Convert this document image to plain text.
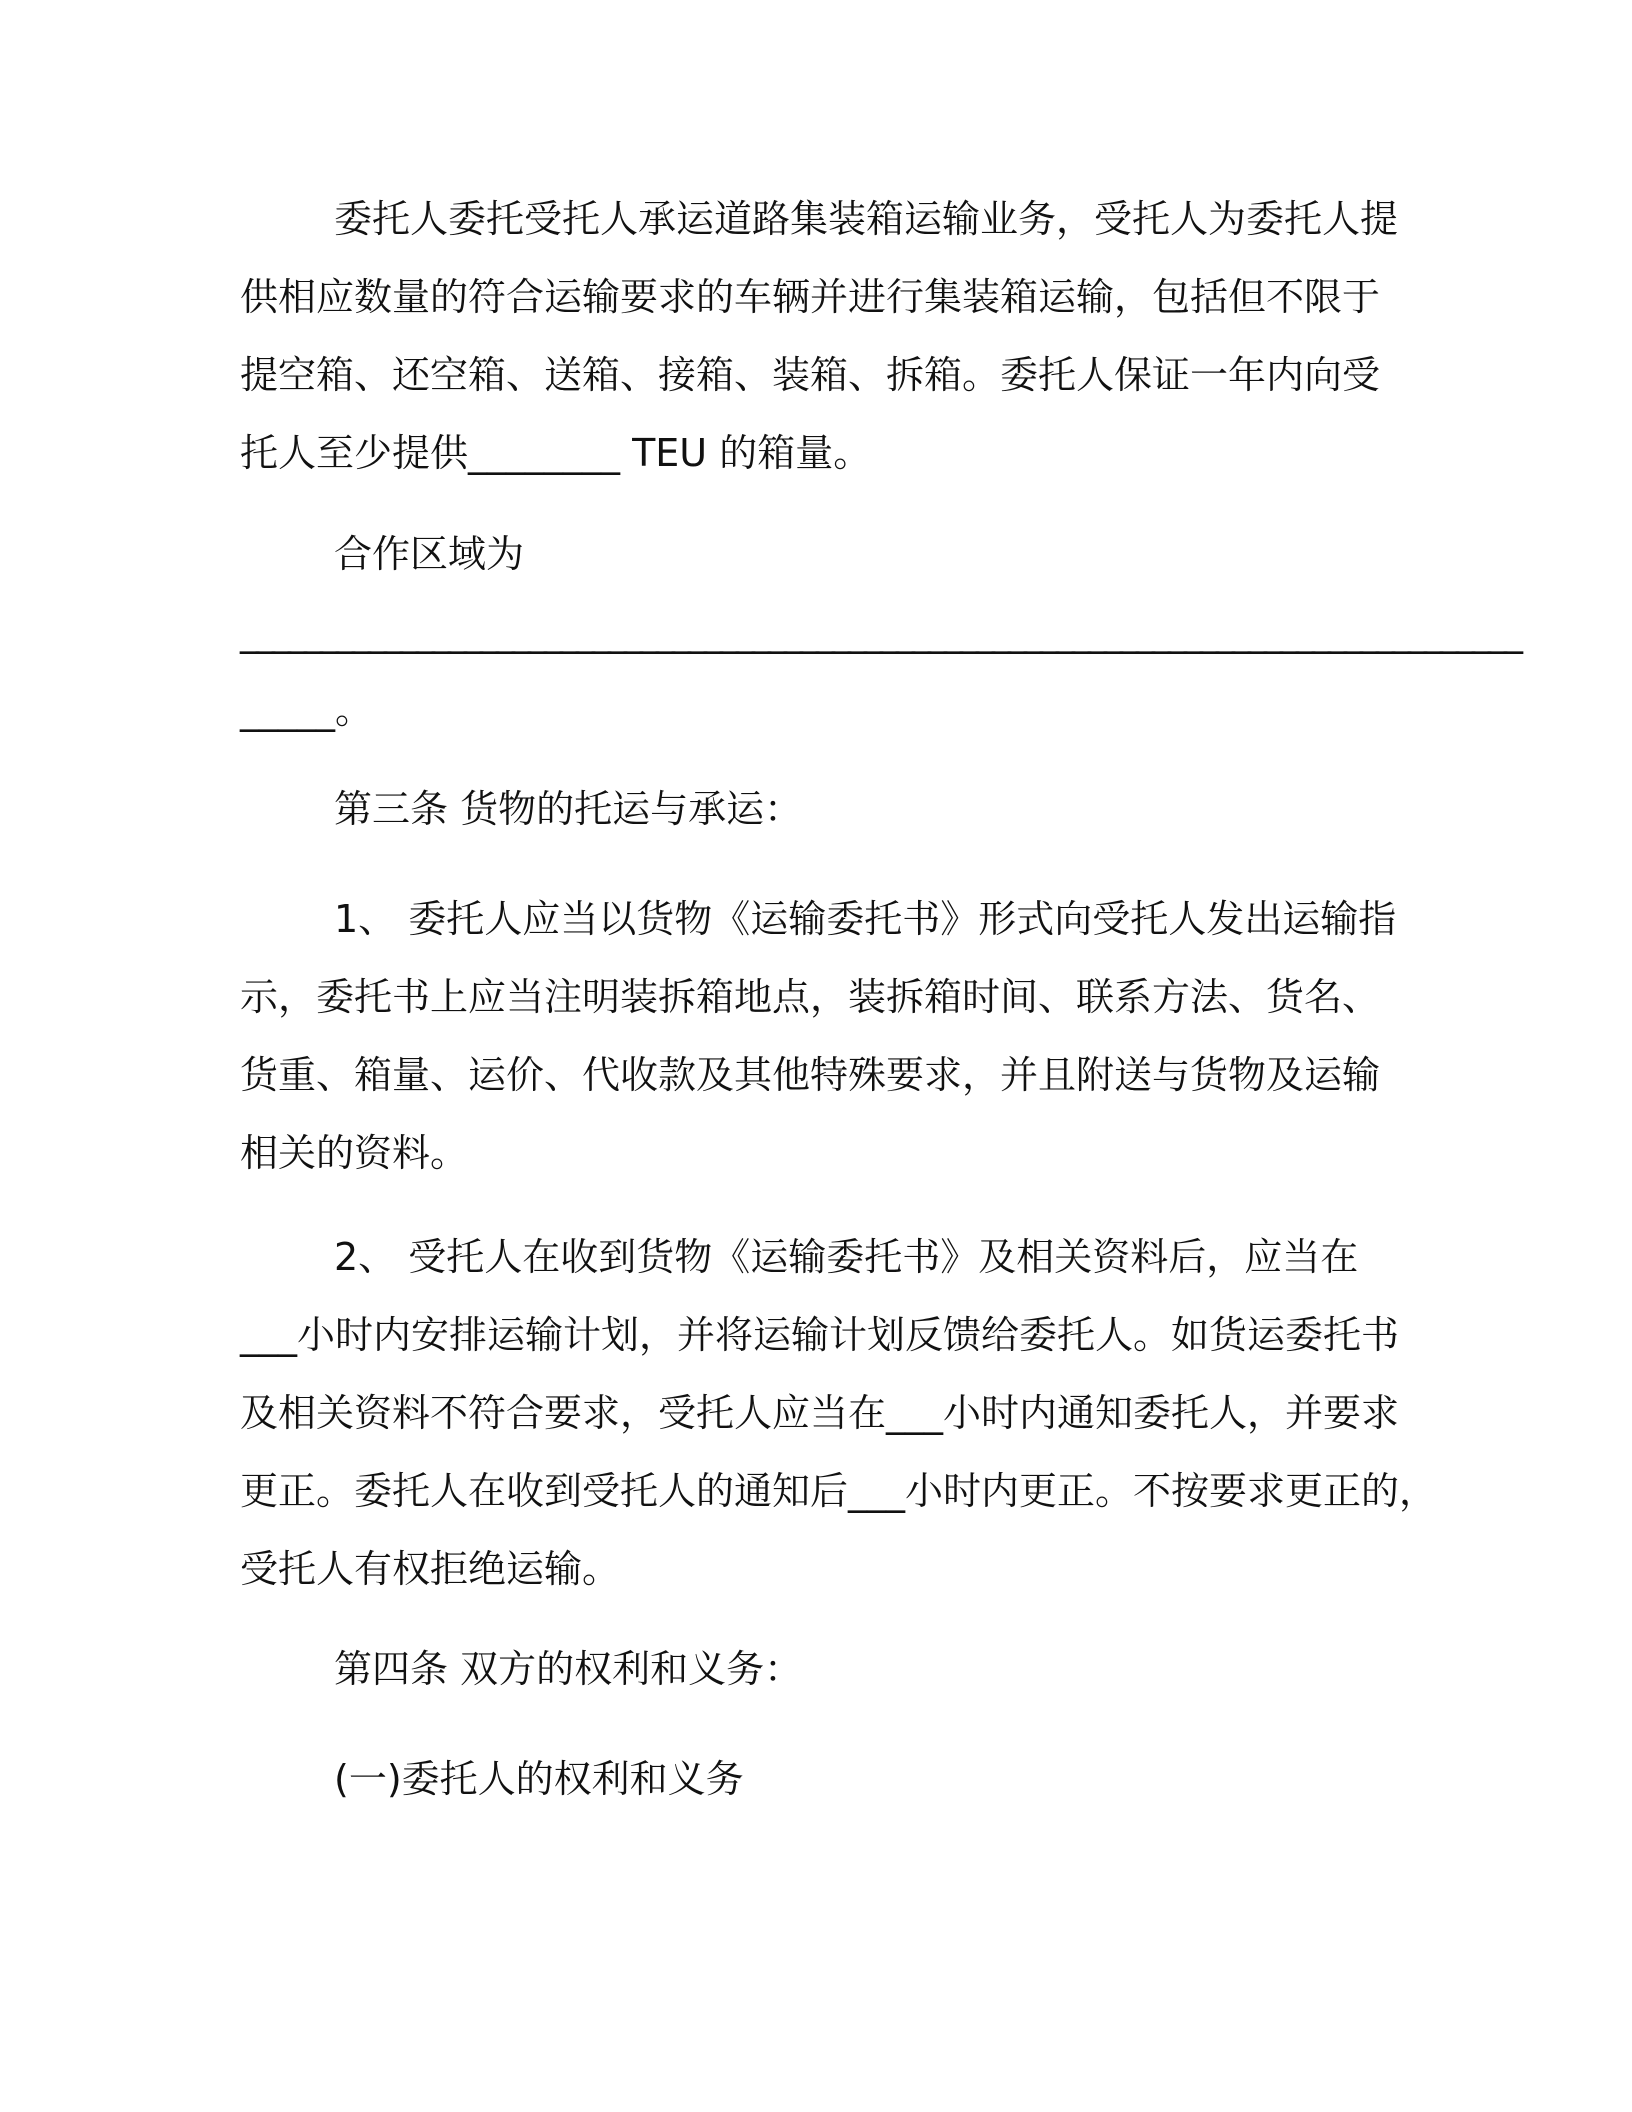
委托人委托受托人承运道路集装箱运输业务，受托人为委托人提
供相应数量的符合运输要求的车辆并进行集装箱运输，包括但不限于
提空箱、还空箱、送箱、接箱、装箱、拆箱。委托人保证一年内向受
托人至少提供________ TEU 的箱量。

合作区域为
________________________________________________________________________________
_____。

第三条 货物的托运与承运：

1、 委托人应当以货物《运输委托书》形式向受托人发出运输指
示，委托书上应当注明装拆箱地点，装拆箱时间、联系方法、货名、
货重、箱量、运价、代收款及其他特殊要求，并且附送与货物及运输
相关的资料。

2、 受托人在收到货物《运输委托书》及相关资料后，应当在
___小时内安排运输计划，并将运输计划反馈给委托人。如货运委托书
及相关资料不符合要求，受托人应当在___小时内通知委托人，并要求
更正。委托人在收到受托人的通知后___小时内更正。不按要求更正的，
受托人有权拒绝运输。

第四条 双方的权利和义务：

(一)委托人的权利和义务
